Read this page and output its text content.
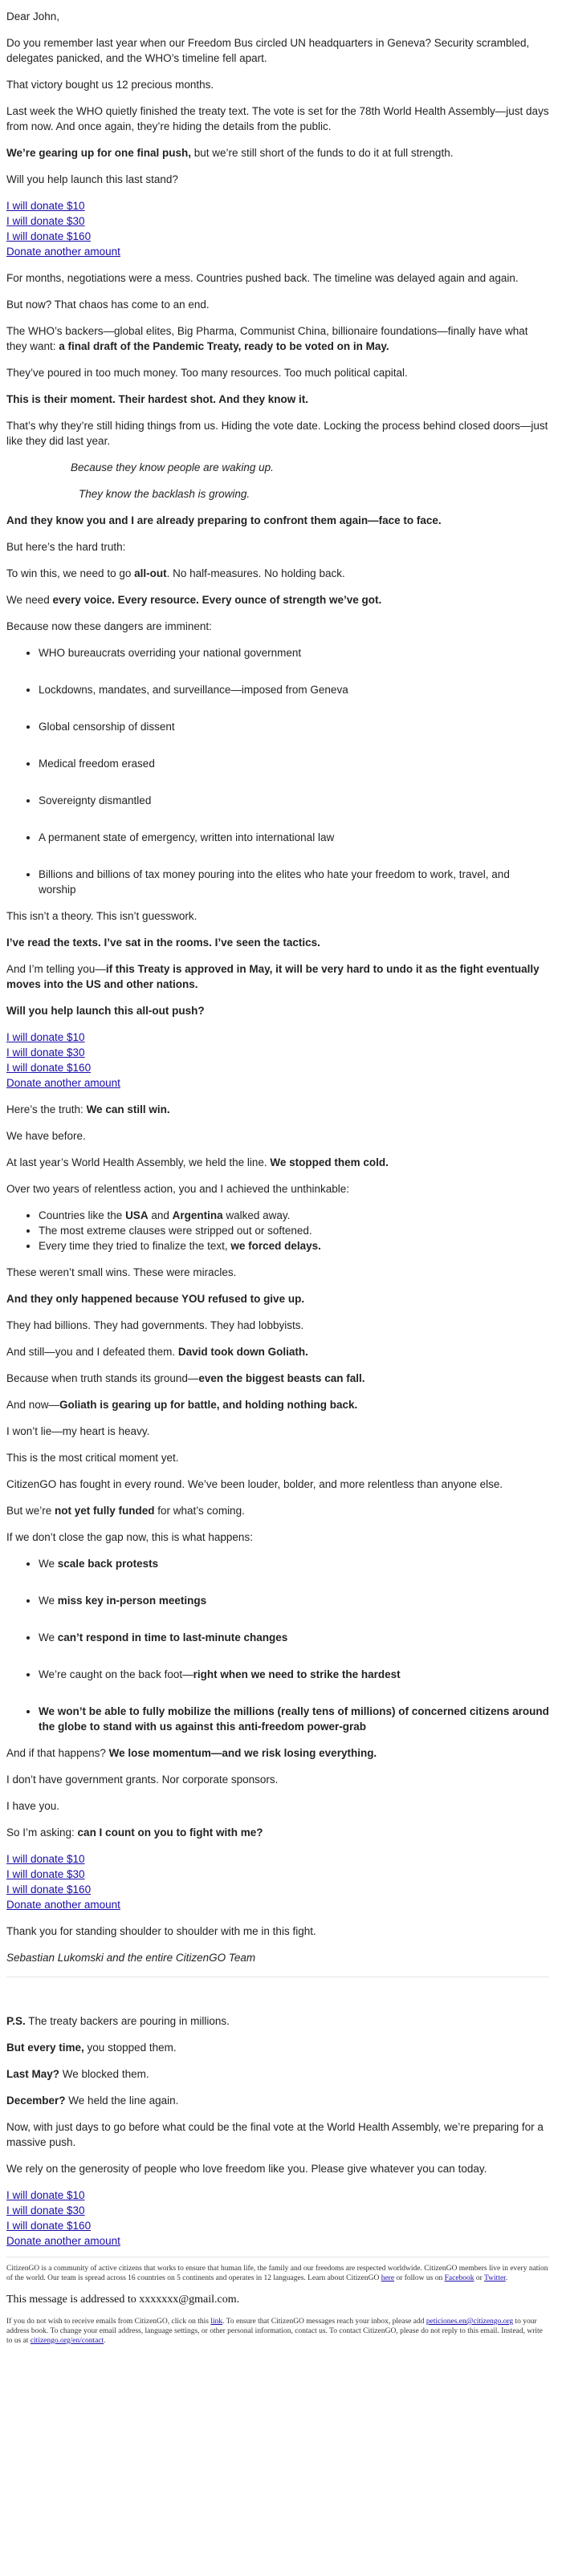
Dear John,

Do you remember last year when our Freedom Bus circled UN headquarters in Geneva? Security scrambled, delegates panicked, and the WHO’s timeline fell apart.

That victory bought us 12 precious months.

Last week the WHO quietly finished the treaty text. The vote is set for the 78th World Health Assembly—just days from now. And once again, they’re hiding the details from the public.

We’re gearing up for one final push, but we’re still short of the funds to do it at full strength.

Will you help launch this last stand?

I will donate $10
I will donate $30
I will donate $160
Donate another amount

For months, negotiations were a mess. Countries pushed back. The timeline was delayed again and again.

But now? That chaos has come to an end.

The WHO’s backers—global elites, Big Pharma, Communist China, billionaire foundations—finally have what they want: a final draft of the Pandemic Treaty, ready to be voted on in May.

They’ve poured in too much money. Too many resources. Too much political capital.

This is their moment. Their hardest shot. And they know it.

That’s why they’re still hiding things from us. Hiding the vote date. Locking the process behind closed doors—just like they did last year.

Because they know people are waking up.

They know the backlash is growing.

And they know you and I are already preparing to confront them again—face to face.

But here’s the hard truth:

To win this, we need to go all-out. No half-measures. No holding back.

We need every voice. Every resource. Every ounce of strength we’ve got.

Because now these dangers are imminent:

• WHO bureaucrats overriding your national government
• Lockdowns, mandates, and surveillance—imposed from Geneva
• Global censorship of dissent
• Medical freedom erased
• Sovereignty dismantled
• A permanent state of emergency, written into international law
• Billions and billions of tax money pouring into the elites who hate your freedom to work, travel, and worship

This isn’t a theory. This isn’t guesswork.

I’ve read the texts. I’ve sat in the rooms. I’ve seen the tactics.

And I’m telling you—if this Treaty is approved in May, it will be very hard to undo it as the fight eventually moves into the US and other nations.

Will you help launch this all-out push?

I will donate $10
I will donate $30
I will donate $160
Donate another amount

Here’s the truth: We can still win.

We have before.

At last year’s World Health Assembly, we held the line. We stopped them cold.

Over two years of relentless action, you and I achieved the unthinkable:

• Countries like the USA and Argentina walked away.
• The most extreme clauses were stripped out or softened.
• Every time they tried to finalize the text, we forced delays.

These weren’t small wins. These were miracles.

And they only happened because YOU refused to give up.

They had billions. They had governments. They had lobbyists.

And still—you and I defeated them. David took down Goliath.

Because when truth stands its ground—even the biggest beasts can fall.

And now—Goliath is gearing up for battle, and holding nothing back.

I won’t lie—my heart is heavy.

This is the most critical moment yet.

CitizenGO has fought in every round. We’ve been louder, bolder, and more relentless than anyone else.

But we’re not yet fully funded for what’s coming.

If we don’t close the gap now, this is what happens:

• We scale back protests
• We miss key in-person meetings
• We can’t respond in time to last-minute changes
• We’re caught on the back foot—right when we need to strike the hardest
• We won’t be able to fully mobilize the millions (really tens of millions) of concerned citizens around the globe to stand with us against this anti-freedom power-grab

And if that happens? We lose momentum—and we risk losing everything.

I don’t have government grants. Nor corporate sponsors.

I have you.

So I’m asking: can I count on you to fight with me?

I will donate $10
I will donate $30
I will donate $160
Donate another amount

Thank you for standing shoulder to shoulder with me in this fight.

Sebastian Lukomski and the entire CitizenGO Team

P.S. The treaty backers are pouring in millions.

But every time, you stopped them.

Last May? We blocked them.

December? We held the line again.

Now, with just days to go before what could be the final vote at the World Health Assembly, we’re preparing for a massive push.

We rely on the generosity of people who love freedom like you. Please give whatever you can today.

I will donate $10
I will donate $30
I will donate $160
Donate another amount

CitizenGO is a community of active citizens that works to ensure that human life, the family and our freedoms are respected worldwide. CitizenGO members live in every nation of the world. Our team is spread across 16 countries on 5 continents and operates in 12 languages. Learn about CitizenGO here or follow us on Facebook or Twitter.

This message is addressed to xxxxxxx@gmail.com.

If you do not wish to receive emails from CitizenGO, click on this link. To ensure that CitizenGO messages reach your inbox, please add peticiones.en@citizengo.org to your address book. To change your email address, language settings, or other personal information, contact us. To contact CitizenGO, please do not reply to this email. Instead, write to us at citizengo.org/en/contact.
